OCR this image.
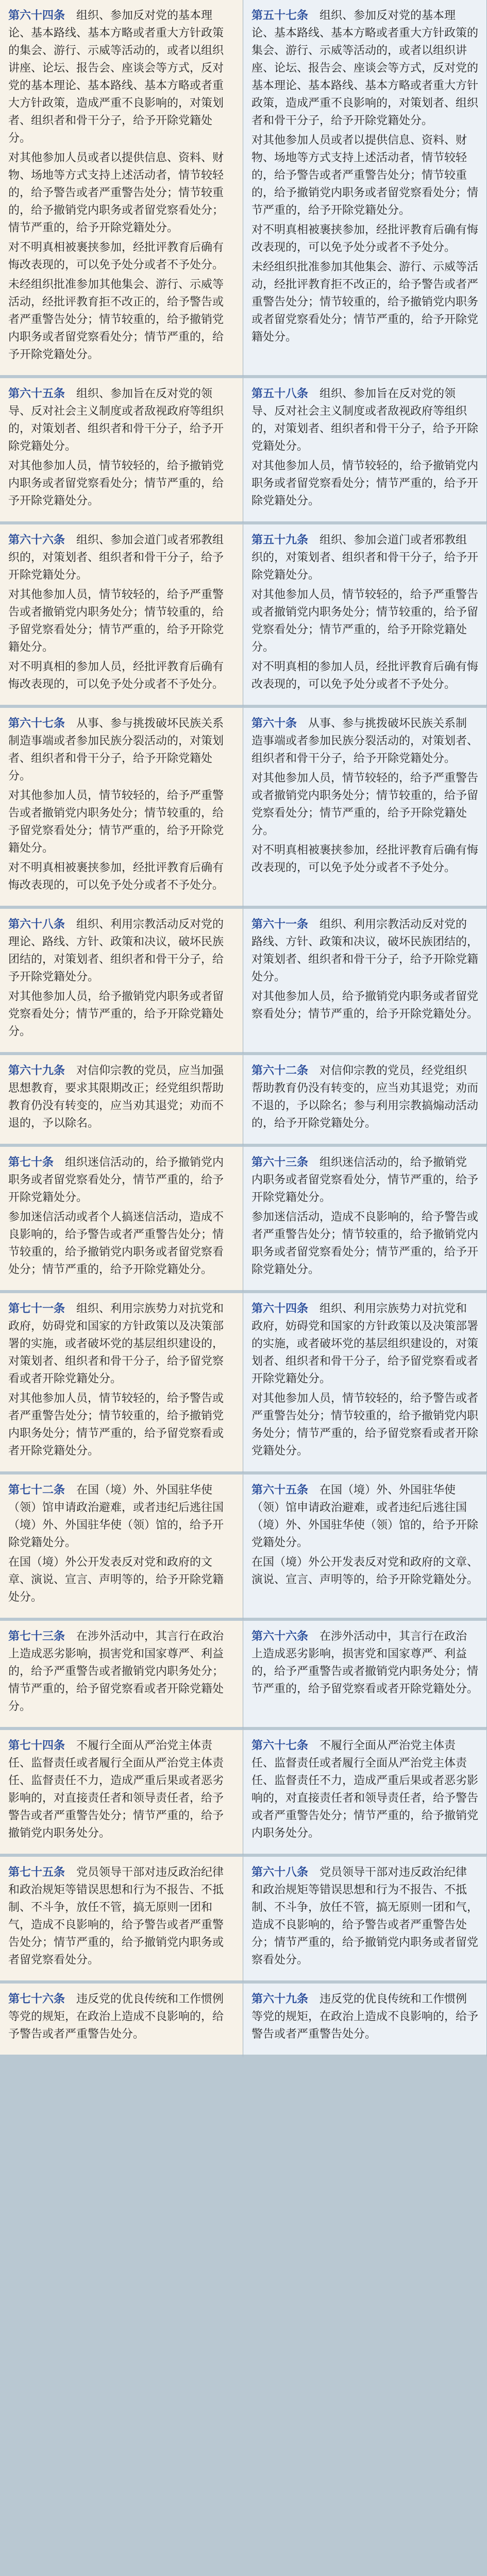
第六十四条　 组织、参加反对党的基本理论、基本路线、基本方略或者重大方针政策的集会、游行、示威等活动的，或者以组织讲座、论坛、报告会、座谈会等方式，反对党的基本理论、基本路线、基本方略或者重大方针政策，造成严重不良影响的，对策划者、组织者和骨干分子，给予开除党籍处分。

对其他参加人员或者以提供信息、资料、财物、场地等方式支持上述活动者，情节较轻的，给予警告或者严重警告处分；情节较重的，给予撤销党内职务或者留党察看处分；情节严重的，给予开除党籍处分。

对不明真相被裹挟参加，经批评教育后确有悔改表现的，可以免予处分或者不予处分。

未经组织批准参加其他集会、游行、示威等活动，经批评教育拒不改正的，给予警告或者严重警告处分；情节较重的，给予撤销党内职务或者留党察看处分；情节严重的，给予开除党籍处分。

第五十七条　 组织、参加反对党的基本理论、基本路线、基本方略或者重大方针政策的集会、游行、示威等活动的，或者以组织讲座、论坛、报告会、座谈会等方式，反对党的基本理论、基本路线、基本方略或者重大方针政策，造成严重不良影响的，对策划者、组织者和骨干分子，给予开除党籍处分。

对其他参加人员或者以提供信息、资料、财物、场地等方式支持上述活动者，情节较轻的，给予警告或者严重警告处分；情节较重的，给予撤销党内职务或者留党察看处分；情节严重的，给予开除党籍处分。

对不明真相被裹挟参加，经批评教育后确有悔改表现的，可以免予处分或者不予处分。

未经组织批准参加其他集会、游行、示威等活动，经批评教育拒不改正的，给予警告或者严重警告处分；情节较重的，给予撤销党内职务或者留党察看处分；情节严重的，给予开除党籍处分。

第六十五条　 组织、参加旨在反对党的领导、反对社会主义制度或者敌视政府等组织的，对策划者、组织者和骨干分子，给予开除党籍处分。

对其他参加人员，情节较轻的，给予撤销党内职务或者留党察看处分；情节严重的，给予开除党籍处分。

第五十八条　 组织、参加旨在反对党的领导、反对社会主义制度或者敌视政府等组织的，对策划者、组织者和骨干分子，给予开除党籍处分。

对其他参加人员，情节较轻的，给予撤销党内职务或者留党察看处分；情节严重的，给予开除党籍处分。

第六十六条　 组织、参加会道门或者邪教组织的，对策划者、组织者和骨干分子，给予开除党籍处分。

对其他参加人员，情节较轻的，给予严重警告或者撤销党内职务处分；情节较重的，给予留党察看处分；情节严重的，给予开除党籍处分。

对不明真相的参加人员，经批评教育后确有悔改表现的，可以免予处分或者不予处分。

第五十九条　 组织、参加会道门或者邪教组织的，对策划者、组织者和骨干分子，给予开除党籍处分。

对其他参加人员，情节较轻的，给予严重警告或者撤销党内职务处分；情节较重的，给予留党察看处分；情节严重的，给予开除党籍处分。

对不明真相的参加人员，经批评教育后确有悔改表现的，可以免予处分或者不予处分。

第六十七条　 从事、参与挑拨破坏民族关系制造事端或者参加民族分裂活动的，对策划者、组织者和骨干分子，给予开除党籍处分。

对其他参加人员，情节较轻的，给予严重警告或者撤销党内职务处分；情节较重的，给予留党察看处分；情节严重的，给予开除党籍处分。

对不明真相被裹挟参加，经批评教育后确有悔改表现的，可以免予处分或者不予处分。

第六十条　 从事、参与挑拨破坏民族关系制造事端或者参加民族分裂活动的，对策划者、组织者和骨干分子，给予开除党籍处分。

对其他参加人员，情节较轻的，给予严重警告或者撤销党内职务处分；情节较重的，给予留党察看处分；情节严重的，给予开除党籍处分。

对不明真相被裹挟参加，经批评教育后确有悔改表现的，可以免予处分或者不予处分。

第六十八条　 组织、利用宗教活动反对党的理论、路线、方针、政策和决议，破坏民族团结的，对策划者、组织者和骨干分子，给予开除党籍处分。

对其他参加人员，给予撤销党内职务或者留党察看处分；情节严重的，给予开除党籍处分。

第六十一条　 组织、利用宗教活动反对党的路线、方针、政策和决议，破坏民族团结的，对策划者、组织者和骨干分子，给予开除党籍处分。

对其他参加人员，给予撤销党内职务或者留党察看处分；情节严重的，给予开除党籍处分。

第六十九条　 对信仰宗教的党员，应当加强思想教育，要求其限期改正；经党组织帮助教育仍没有转变的，应当劝其退党；劝而不退的，予以除名。

第六十二条　 对信仰宗教的党员，经党组织帮助教育仍没有转变的，应当劝其退党；劝而不退的，予以除名；参与利用宗教搞煽动活动的，给予开除党籍处分。

第七十条　 组织迷信活动的，给予撤销党内职务或者留党察看处分，情节严重的，给予开除党籍处分。

参加迷信活动或者个人搞迷信活动，造成不良影响的，给予警告或者严重警告处分；情节较重的，给予撤销党内职务或者留党察看处分；情节严重的，给予开除党籍处分。

第六十三条　 组织迷信活动的，给予撤销党内职务或者留党察看处分，情节严重的，给予开除党籍处分。

参加迷信活动，造成不良影响的，给予警告或者严重警告处分；情节较重的，给予撤销党内职务或者留党察看处分；情节严重的，给予开除党籍处分。

第七十一条　 组织、利用宗族势力对抗党和政府，妨碍党和国家的方针政策以及决策部署的实施，或者破坏党的基层组织建设的，对策划者、组织者和骨干分子，给予留党察看或者开除党籍处分。

对其他参加人员，情节较轻的，给予警告或者严重警告处分；情节较重的，给予撤销党内职务处分；情节严重的，给予留党察看或者开除党籍处分。

第六十四条　 组织、利用宗族势力对抗党和政府，妨碍党和国家的方针政策以及决策部署的实施，或者破坏党的基层组织建设的，对策划者、组织者和骨干分子，给予留党察看或者开除党籍处分。

对其他参加人员，情节较轻的，给予警告或者严重警告处分；情节较重的，给予撤销党内职务处分；情节严重的，给予留党察看或者开除党籍处分。

第七十二条　 在国（境）外、外国驻华使（领）馆申请政治避难，或者违纪后逃往国（境）外、外国驻华使（领）馆的，给予开除党籍处分。

在国（境）外公开发表反对党和政府的文章、演说、宣言、声明等的，给予开除党籍处分。

第六十五条　 在国（境）外、外国驻华使（领）馆申请政治避难，或者违纪后逃往国（境）外、外国驻华使（领）馆的，给予开除党籍处分。

在国（境）外公开发表反对党和政府的文章、演说、宣言、声明等的，给予开除党籍处分。

第七十三条　 在涉外活动中，其言行在政治上造成恶劣影响，损害党和国家尊严、利益的，给予严重警告或者撤销党内职务处分；情节严重的，给予留党察看或者开除党籍处分。

第六十六条　 在涉外活动中，其言行在政治上造成恶劣影响，损害党和国家尊严、利益的，给予严重警告或者撤销党内职务处分；情节严重的，给予留党察看或者开除党籍处分。

第七十四条　 不履行全面从严治党主体责任、监督责任或者履行全面从严治党主体责任、监督责任不力，造成严重后果或者恶劣影响的，对直接责任者和领导责任者，给予警告或者严重警告处分；情节严重的，给予撤销党内职务处分。

第六十七条　 不履行全面从严治党主体责任、监督责任或者履行全面从严治党主体责任、监督责任不力，造成严重后果或者恶劣影响的，对直接责任者和领导责任者，给予警告或者严重警告处分；情节严重的，给予撤销党内职务处分。

第七十五条　 党员领导干部对违反政治纪律和政治规矩等错误思想和行为不报告、不抵制、不斗争，放任不管，搞无原则一团和气，造成不良影响的，给予警告或者严重警告处分；情节严重的，给予撤销党内职务或者留党察看处分。

第六十八条　 党员领导干部对违反政治纪律和政治规矩等错误思想和行为不报告、不抵制、不斗争，放任不管，搞无原则一团和气，造成不良影响的，给予警告或者严重警告处分；情节严重的，给予撤销党内职务或者留党察看处分。

第七十六条　 违反党的优良传统和工作惯例等党的规矩，在政治上造成不良影响的，给予警告或者严重警告处分。

第六十九条　 违反党的优良传统和工作惯例等党的规矩，在政治上造成不良影响的，给予警告或者严重警告处分。
